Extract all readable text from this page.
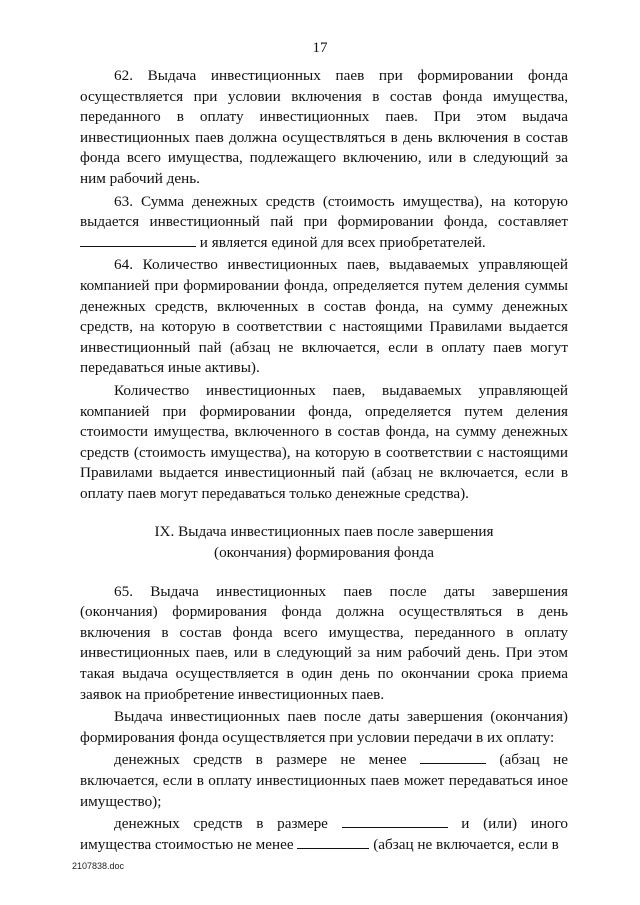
17

62. Выдача инвестиционных паев при формировании фонда осуществляется при условии включения в состав фонда имущества, переданного в оплату инвестиционных паев. При этом выдача инвестиционных паев должна осуществляться в день включения в состав фонда всего имущества, подлежащего включению, или в следующий за ним рабочий день.

63. Сумма денежных средств (стоимость имущества), на которую выдается инвестиционный пай при формировании фонда, составляет  и является единой для всех приобретателей.

64. Количество инвестиционных паев, выдаваемых управляющей компанией при формировании фонда, определяется путем деления суммы денежных средств, включенных в состав фонда, на сумму денежных средств, на которую в соответствии с настоящими Правилами выдается инвестиционный пай (абзац не включается, если в оплату паев могут передаваться иные активы).

Количество инвестиционных паев, выдаваемых управляющей компанией при формировании фонда, определяется путем деления стоимости имущества, включенного в состав фонда, на сумму денежных средств (стоимость имущества), на которую в соответствии с настоящими Правилами выдается инвестиционный пай (абзац не включается, если в оплату паев могут передаваться только денежные средства).

IX. Выдача инвестиционных паев после завершения
(окончания) формирования фонда

65. Выдача инвестиционных паев после даты завершения (окончания) формирования фонда должна осуществляться в день включения в состав фонда всего имущества, переданного в оплату инвестиционных паев, или в следующий за ним рабочий день. При этом такая выдача осуществляется в один день по окончании срока приема заявок на приобретение инвестиционных паев.

Выдача инвестиционных паев после даты завершения (окончания) формирования фонда осуществляется при условии передачи в их оплату:

денежных средств в размере не менее	(абзац не включается, если в оплату инвестиционных паев может передаваться иное имущество);

денежных средств в размере	и (или) иного имущества стоимостью не менее	(абзац не включается, если в

2107838.doc
